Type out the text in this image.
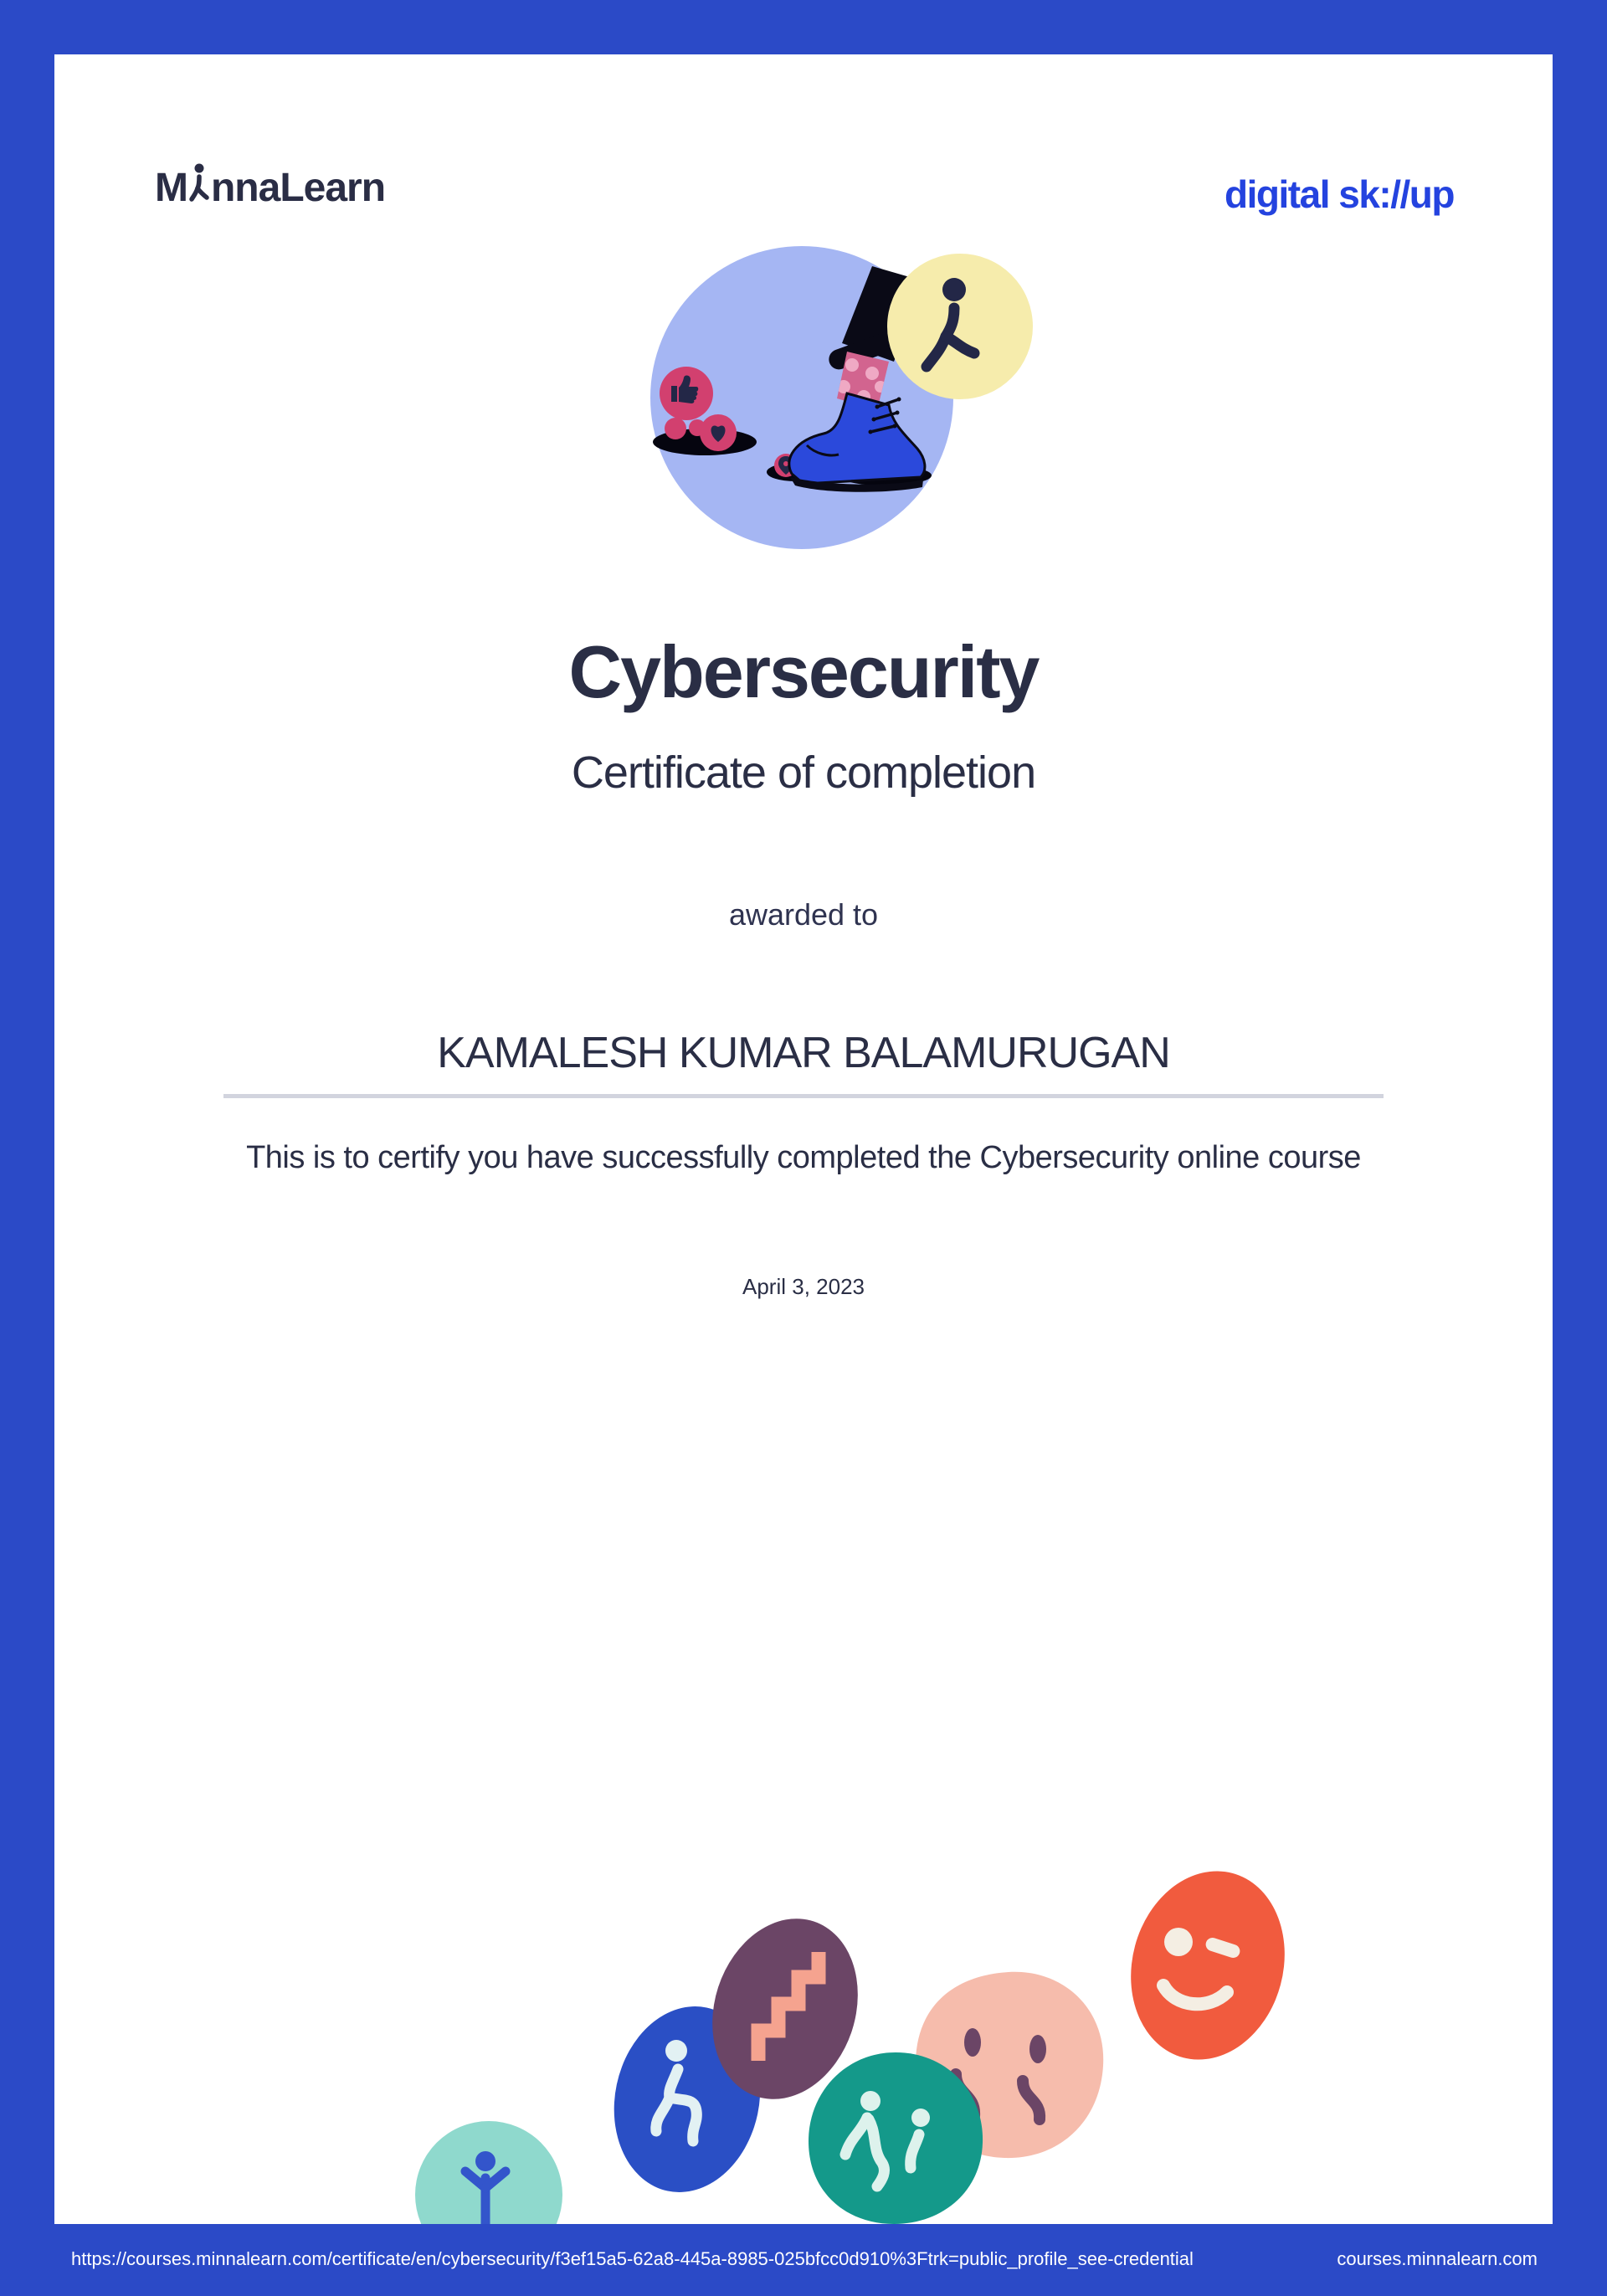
M nnaLearn	digital sk://up
Cybersecurity
Certificate of completion
awarded to
KAMALESH KUMAR BALAMURUGAN
This is to certify you have successfully completed the Cybersecurity online course
April 3, 2023
https://courses.minnalearn.com/certificate/en/cybersecurity/f3ef15a5-62a8-445a-8985-025bfcc0d910%3Ftrk=public_profile_see-credential	courses.minnalearn.com
